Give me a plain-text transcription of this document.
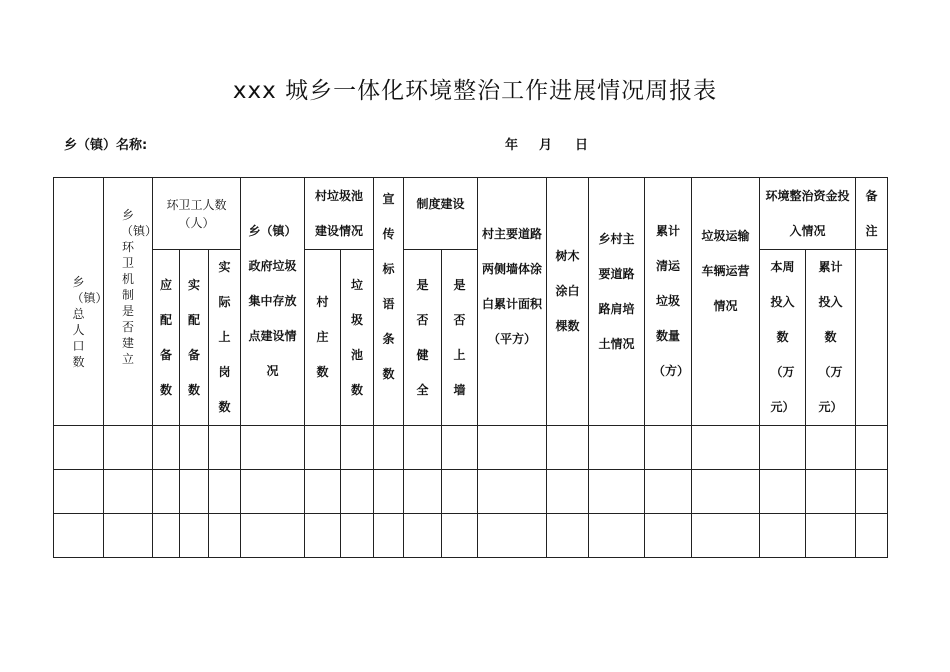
xxx 城乡一体化环境整治工作进展情况周报表
乡（镇）名称:	年 月 日
乡（镇）总人口数	乡（镇）环卫机制是否建立	环卫工人数（人）			乡（镇）政府垃圾集中存放点建设情况	村垃圾池建设情况		宣传标语条数	制度建设		村主要道路两侧墙体涂白累计面积（平方）	树木涂白棵数	乡村主要道路路肩培土情况	累计清运垃圾数量（方）	垃圾运输车辆运营情况	环境整治资金投入情况		备注

		应配备数	实配备数	实际上岗数		村庄数	垃圾池数		是否健全	是否上墙						本周投入数（万元）	累计投入数（万元）	
